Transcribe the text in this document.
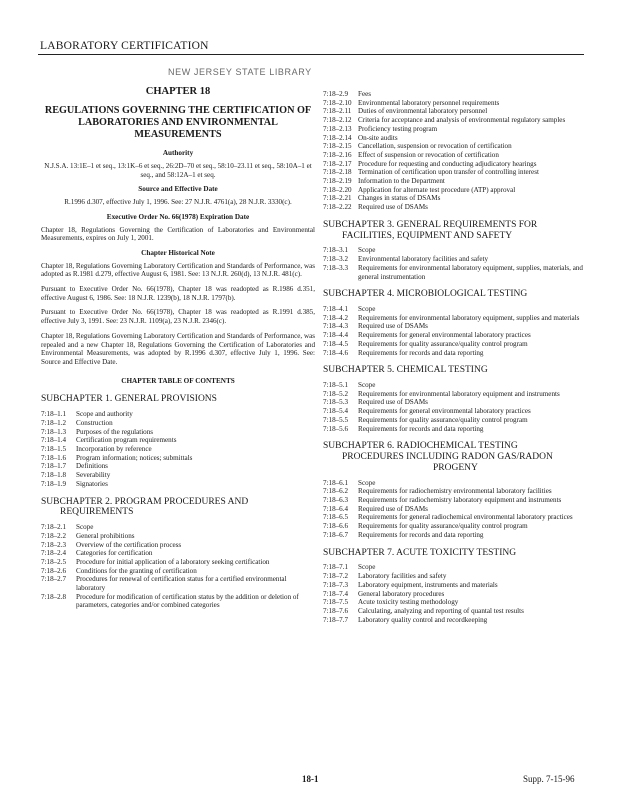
LABORATORY CERTIFICATION
NEW JERSEY STATE LIBRARY
CHAPTER 18
REGULATIONS GOVERNING THE CERTIFICATION OF LABORATORIES AND ENVIRONMENTAL MEASUREMENTS
Authority
N.J.S.A. 13:1E–1 et seq., 13:1K–6 et seq., 26:2D–70 et seq., 58:10–23.11 et seq., 58:10A–1 et seq., and 58:12A–1 et seq.
Source and Effective Date
R.1996 d.307, effective July 1, 1996. See: 27 N.J.R. 4761(a), 28 N.J.R. 3330(c).
Executive Order No. 66(1978) Expiration Date
Chapter 18, Regulations Governing the Certification of Laboratories and Environmental Measurements, expires on July 1, 2001.
Chapter Historical Note
Chapter 18, Regulations Governing Laboratory Certification and Standards of Performance, was adopted as R.1981 d.279, effective August 6, 1981. See: 13 N.J.R. 260(d), 13 N.J.R. 481(c).
Pursuant to Executive Order No. 66(1978), Chapter 18 was readopted as R.1986 d.351, effective August 6, 1986. See: 18 N.J.R. 1239(b), 18 N.J.R. 1797(b).
Pursuant to Executive Order No. 66(1978), Chapter 18 was readopted as R.1991 d.385, effective July 3, 1991. See: 23 N.J.R. 1109(a), 23 N.J.R. 2346(c).
Chapter 18, Regulations Governing Laboratory Certification and Standards of Performance, was repealed and a new Chapter 18, Regulations Governing the Certification of Laboratories and Environmental Measurements, was adopted by R.1996 d.307, effective July 1, 1996. See: Source and Effective Date.
CHAPTER TABLE OF CONTENTS
SUBCHAPTER 1. GENERAL PROVISIONS
7:18–1.1	Scope and authority
7:18–1.2	Construction
7:18–1.3	Purposes of the regulations
7:18–1.4	Certification program requirements
7:18–1.5	Incorporation by reference
7:18–1.6	Program information; notices; submittals
7:18–1.7	Definitions
7:18–1.8	Severability
7:18–1.9	Signatories
SUBCHAPTER 2. PROGRAM PROCEDURES AND
REQUIREMENTS
7:18–2.1	Scope
7:18–2.2	General prohibitions
7:18–2.3	Overview of the certification process
7:18–2.4	Categories for certification
7:18–2.5	Procedure for initial application of a laboratory seeking certification
7:18–2.6	Conditions for the granting of certification
7:18–2.7	Procedures for renewal of certification status for a certified environmental laboratory
7:18–2.8	Procedure for modification of certification status by the addition or deletion of parameters, categories and/or combined categories
7:18–2.9	Fees
7:18–2.10 Environmental laboratory personnel requirements
7:18–2.11 Duties of environmental laboratory personnel
7:18–2.12 Criteria for acceptance and analysis of environmental regulatory samples
7:18–2.13 Proficiency testing program
7:18–2.14 On-site audits
7:18–2.15 Cancellation, suspension or revocation of certification
7:18–2.16 Effect of suspension or revocation of certification
7:18–2.17 Procedure for requesting and conducting adjudicatory hearings
7:18–2.18 Termination of certification upon transfer of controlling interest
7:18–2.19 Information to the Department
7:18–2.20 Application for alternate test procedure (ATP) approval
7:18–2.21 Changes in status of DSAMs
7:18–2.22 Required use of DSAMs
SUBCHAPTER 3. GENERAL REQUIREMENTS FOR
FACILITIES, EQUIPMENT AND SAFETY
7:18–3.1	Scope
7:18–3.2	Environmental laboratory facilities and safety
7:18–3.3	Requirements for environmental laboratory equipment, supplies, materials, and general instrumentation
SUBCHAPTER 4. MICROBIOLOGICAL TESTING
7:18–4.1	Scope
7:18–4.2	Requirements for environmental laboratory equipment, supplies and materials
7:18–4.3	Required use of DSAMs
7:18–4.4	Requirements for general environmental laboratory practices
7:18–4.5	Requirements for quality assurance/quality control program
7:18–4.6	Requirements for records and data reporting
SUBCHAPTER 5. CHEMICAL TESTING
7:18–5.1	Scope
7:18–5.2	Requirements for environmental laboratory equipment and instruments
7:18–5.3	Required use of DSAMs
7:18–5.4	Requirements for general environmental laboratory practices
7:18–5.5	Requirements for quality assurance/quality control program
7:18–5.6	Requirements for records and data reporting
SUBCHAPTER 6. RADIOCHEMICAL TESTING
PROCEDURES INCLUDING RADON GAS/RADON
PROGENY
7:18–6.1	Scope
7:18–6.2	Requirements for radiochemistry environmental laboratory facilities
7:18–6.3	Requirements for radiochemistry laboratory equipment and instruments
7:18–6.4	Required use of DSAMs
7:18–6.5	Requirements for general radiochemical environmental laboratory practices
7:18–6.6	Requirements for quality assurance/quality control program
7:18–6.7	Requirements for records and data reporting
SUBCHAPTER 7. ACUTE TOXICITY TESTING
7:18–7.1	Scope
7:18–7.2	Laboratory facilities and safety
7:18–7.3	Laboratory equipment, instruments and materials
7:18–7.4	General laboratory procedures
7:18–7.5	Acute toxicity testing methodology
7:18–7.6	Calculating, analyzing and reporting of quantal test results
7:18–7.7	Laboratory quality control and recordkeeping
18-1	Supp. 7-15-96
